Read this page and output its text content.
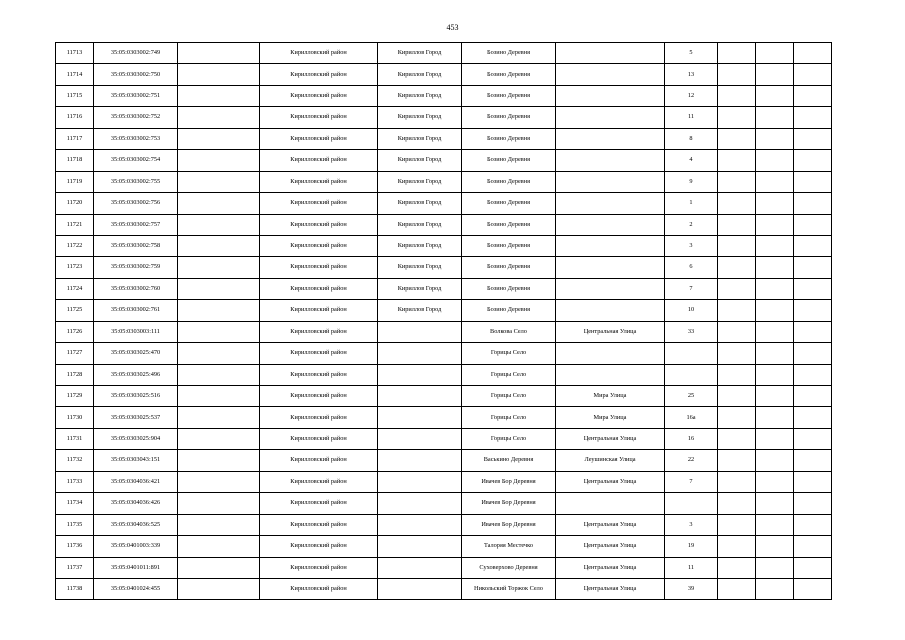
453
11713	35:05:0303002:749		Кирилловский район	Кириллов Город	Бозино Деревня		5			
11714	35:05:0303002:750		Кирилловский район	Кириллов Город	Бозино Деревня		13			
11715	35:05:0303002:751		Кирилловский район	Кириллов Город	Бозино Деревня		12			
11716	35:05:0303002:752		Кирилловский район	Кириллов Город	Бозино Деревня		11			
11717	35:05:0303002:753		Кирилловский район	Кириллов Город	Бозино Деревня		8			
11718	35:05:0303002:754		Кирилловский район	Кириллов Город	Бозино Деревня		4			
11719	35:05:0303002:755		Кирилловский район	Кириллов Город	Бозино Деревня		9			
11720	35:05:0303002:756		Кирилловский район	Кириллов Город	Бозино Деревня		1			
11721	35:05:0303002:757		Кирилловский район	Кириллов Город	Бозино Деревня		2			
11722	35:05:0303002:758		Кирилловский район	Кириллов Город	Бозино Деревня		3			
11723	35:05:0303002:759		Кирилловский район	Кириллов Город	Бозино Деревня		6			
11724	35:05:0303002:760		Кирилловский район	Кириллов Город	Бозино Деревня		7			
11725	35:05:0303002:761		Кирилловский район	Кириллов Город	Бозино Деревня		10			
11726	35:05:0303003:111		Кирилловский район		Волкова Село	Центральная Улица	33			
11727	35:05:0303025:470		Кирилловский район		Горицы Село					
11728	35:05:0303025:496		Кирилловский район		Горицы Село					
11729	35:05:0303025:516		Кирилловский район		Горицы Село	Мира Улица	25			
11730	35:05:0303025:537		Кирилловский район		Горицы Село	Мира Улица	16а			
11731	35:05:0303025:904		Кирилловский район		Горицы Село	Центральная Улица	16			
11732	35:05:0303043:151		Кирилловский район		Васькино Деревня	Леушинская Улица	22			
11733	35:05:0304036:421		Кирилловский район		Ивачев Бор Деревня	Центральная Улица	7			
11734	35:05:0304036:426		Кирилловский район		Ивачев Бор Деревня					
11735	35:05:0304036:525		Кирилловский район		Ивачев Бор Деревня	Центральная Улица	3			
11736	35:05:0401003:339		Кирилловский район		Талоряя Местечко	Центральная Улица	19			
11737	35:05:0401011:891		Кирилловский район		Суховерхово Деревня	Центральная Улица	11			
11738	35:05:0401024:455		Кирилловский район		Никольский Торжок Село	Центральная Улица	39			
